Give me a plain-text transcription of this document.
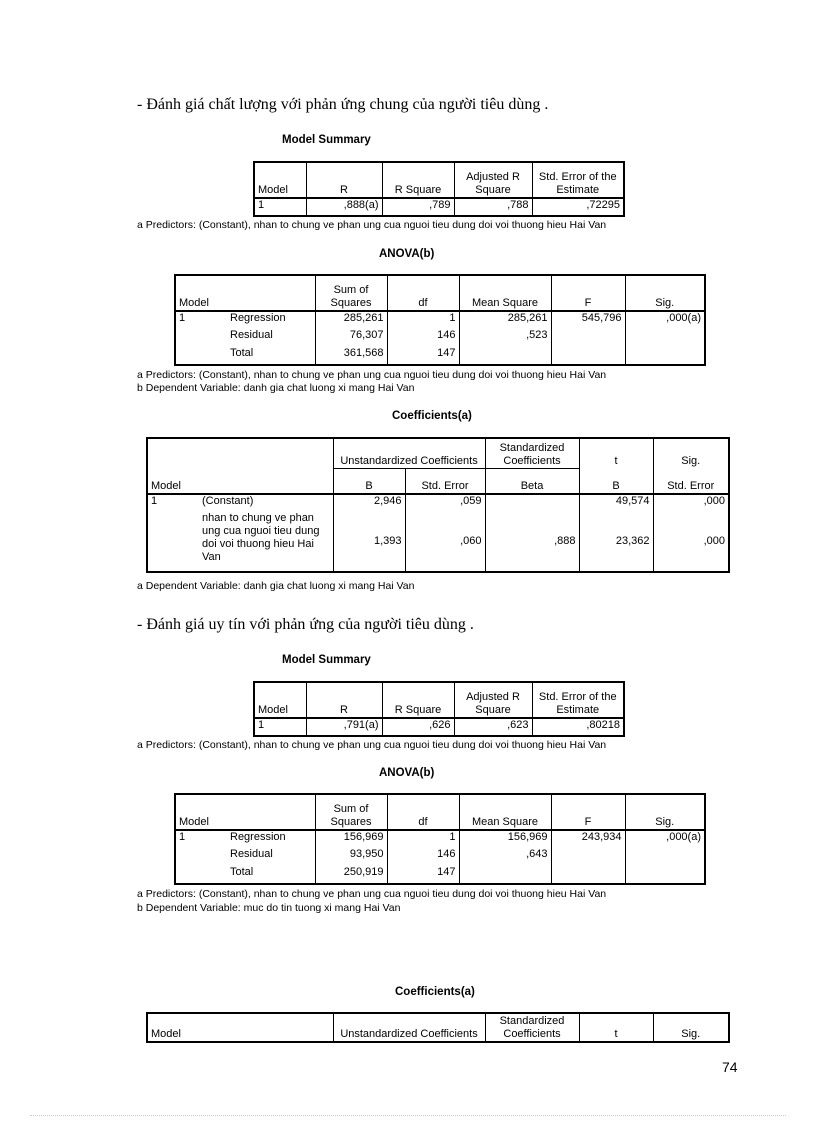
- Đánh giá chất lượng với phản ứng chung của người tiêu dùng .
Model Summary
Model	R	R Square	Adjusted R Square	Std. Error of the Estimate
1	,888(a)	,789	,788	,72295
a Predictors: (Constant), nhan to chung ve phan ung cua nguoi tieu dung doi voi thuong hieu Hai Van
ANOVA(b)
Model		Sum of Squares	df	Mean Square	F	Sig.
1	Regression	285,261	1	285,261	545,796	,000(a)
	Residual	76,307	146	,523		
	Total	361,568	147			
a Predictors: (Constant), nhan to chung ve phan ung cua nguoi tieu dung doi voi thuong hieu Hai Van
b Dependent Variable: danh gia chat luong xi mang Hai Van
Coefficients(a)
		Unstandardized Coefficients		Standardized Coefficients	t	Sig.
Model		B	Std. Error	Beta	B	Std. Error
1	(Constant)	2,946	,059		49,574	,000
	nhan to chung ve phan ung cua nguoi tieu dung doi voi thuong hieu Hai Van	1,393	,060	,888	23,362	,000
a Dependent Variable: danh gia chat luong xi mang Hai Van
- Đánh giá uy tín với phản ứng của người tiêu dùng .
Model Summary
Model	R	R Square	Adjusted R Square	Std. Error of the Estimate
1	,791(a)	,626	,623	,80218
a Predictors: (Constant), nhan to chung ve phan ung cua nguoi tieu dung doi voi thuong hieu Hai Van
ANOVA(b)
Model		Sum of Squares	df	Mean Square	F	Sig.
1	Regression	156,969	1	156,969	243,934	,000(a)
	Residual	93,950	146	,643		
	Total	250,919	147			
a Predictors: (Constant), nhan to chung ve phan ung cua nguoi tieu dung doi voi thuong hieu Hai Van
b Dependent Variable: muc do tin tuong xi mang Hai Van
Coefficients(a)
Model		Unstandardized Coefficients	Standardized Coefficients	t	Sig.
74
